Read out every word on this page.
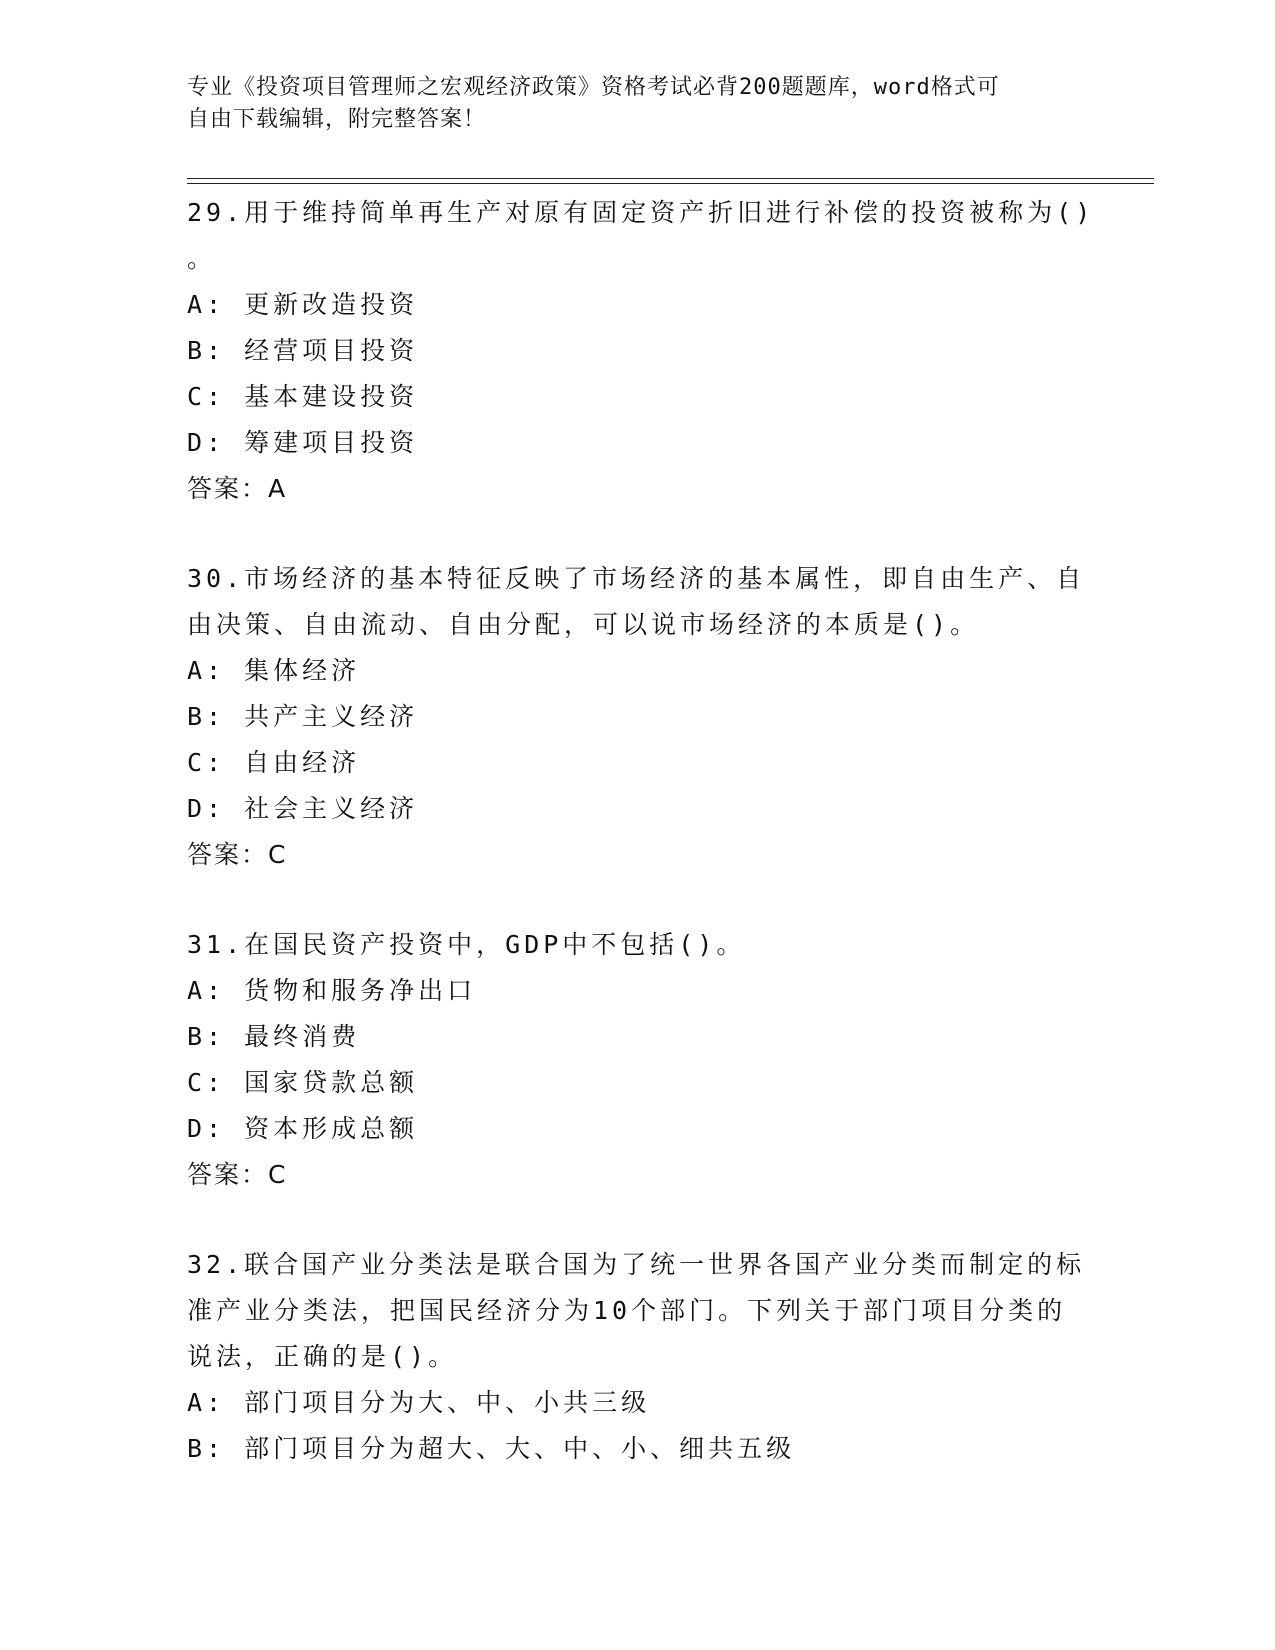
专业《投资项目管理师之宏观经济政策》资格考试必背200题题库，word格式可
自由下载编辑，附完整答案！
29.用于维持简单再生产对原有固定资产折旧进行补偿的投资被称为()
。
A: 更新改造投资
B: 经营项目投资
C: 基本建设投资
D: 筹建项目投资
答案：A
30.市场经济的基本特征反映了市场经济的基本属性，即自由生产、自
由决策、自由流动、自由分配，可以说市场经济的本质是()。
A: 集体经济
B: 共产主义经济
C: 自由经济
D: 社会主义经济
答案：C
31.在国民资产投资中，GDP中不包括()。
A: 货物和服务净出口
B: 最终消费
C: 国家贷款总额
D: 资本形成总额
答案：C
32.联合国产业分类法是联合国为了统一世界各国产业分类而制定的标
准产业分类法，把国民经济分为10个部门。下列关于部门项目分类的
说法，正确的是()。
A: 部门项目分为大、中、小共三级
B: 部门项目分为超大、大、中、小、细共五级
